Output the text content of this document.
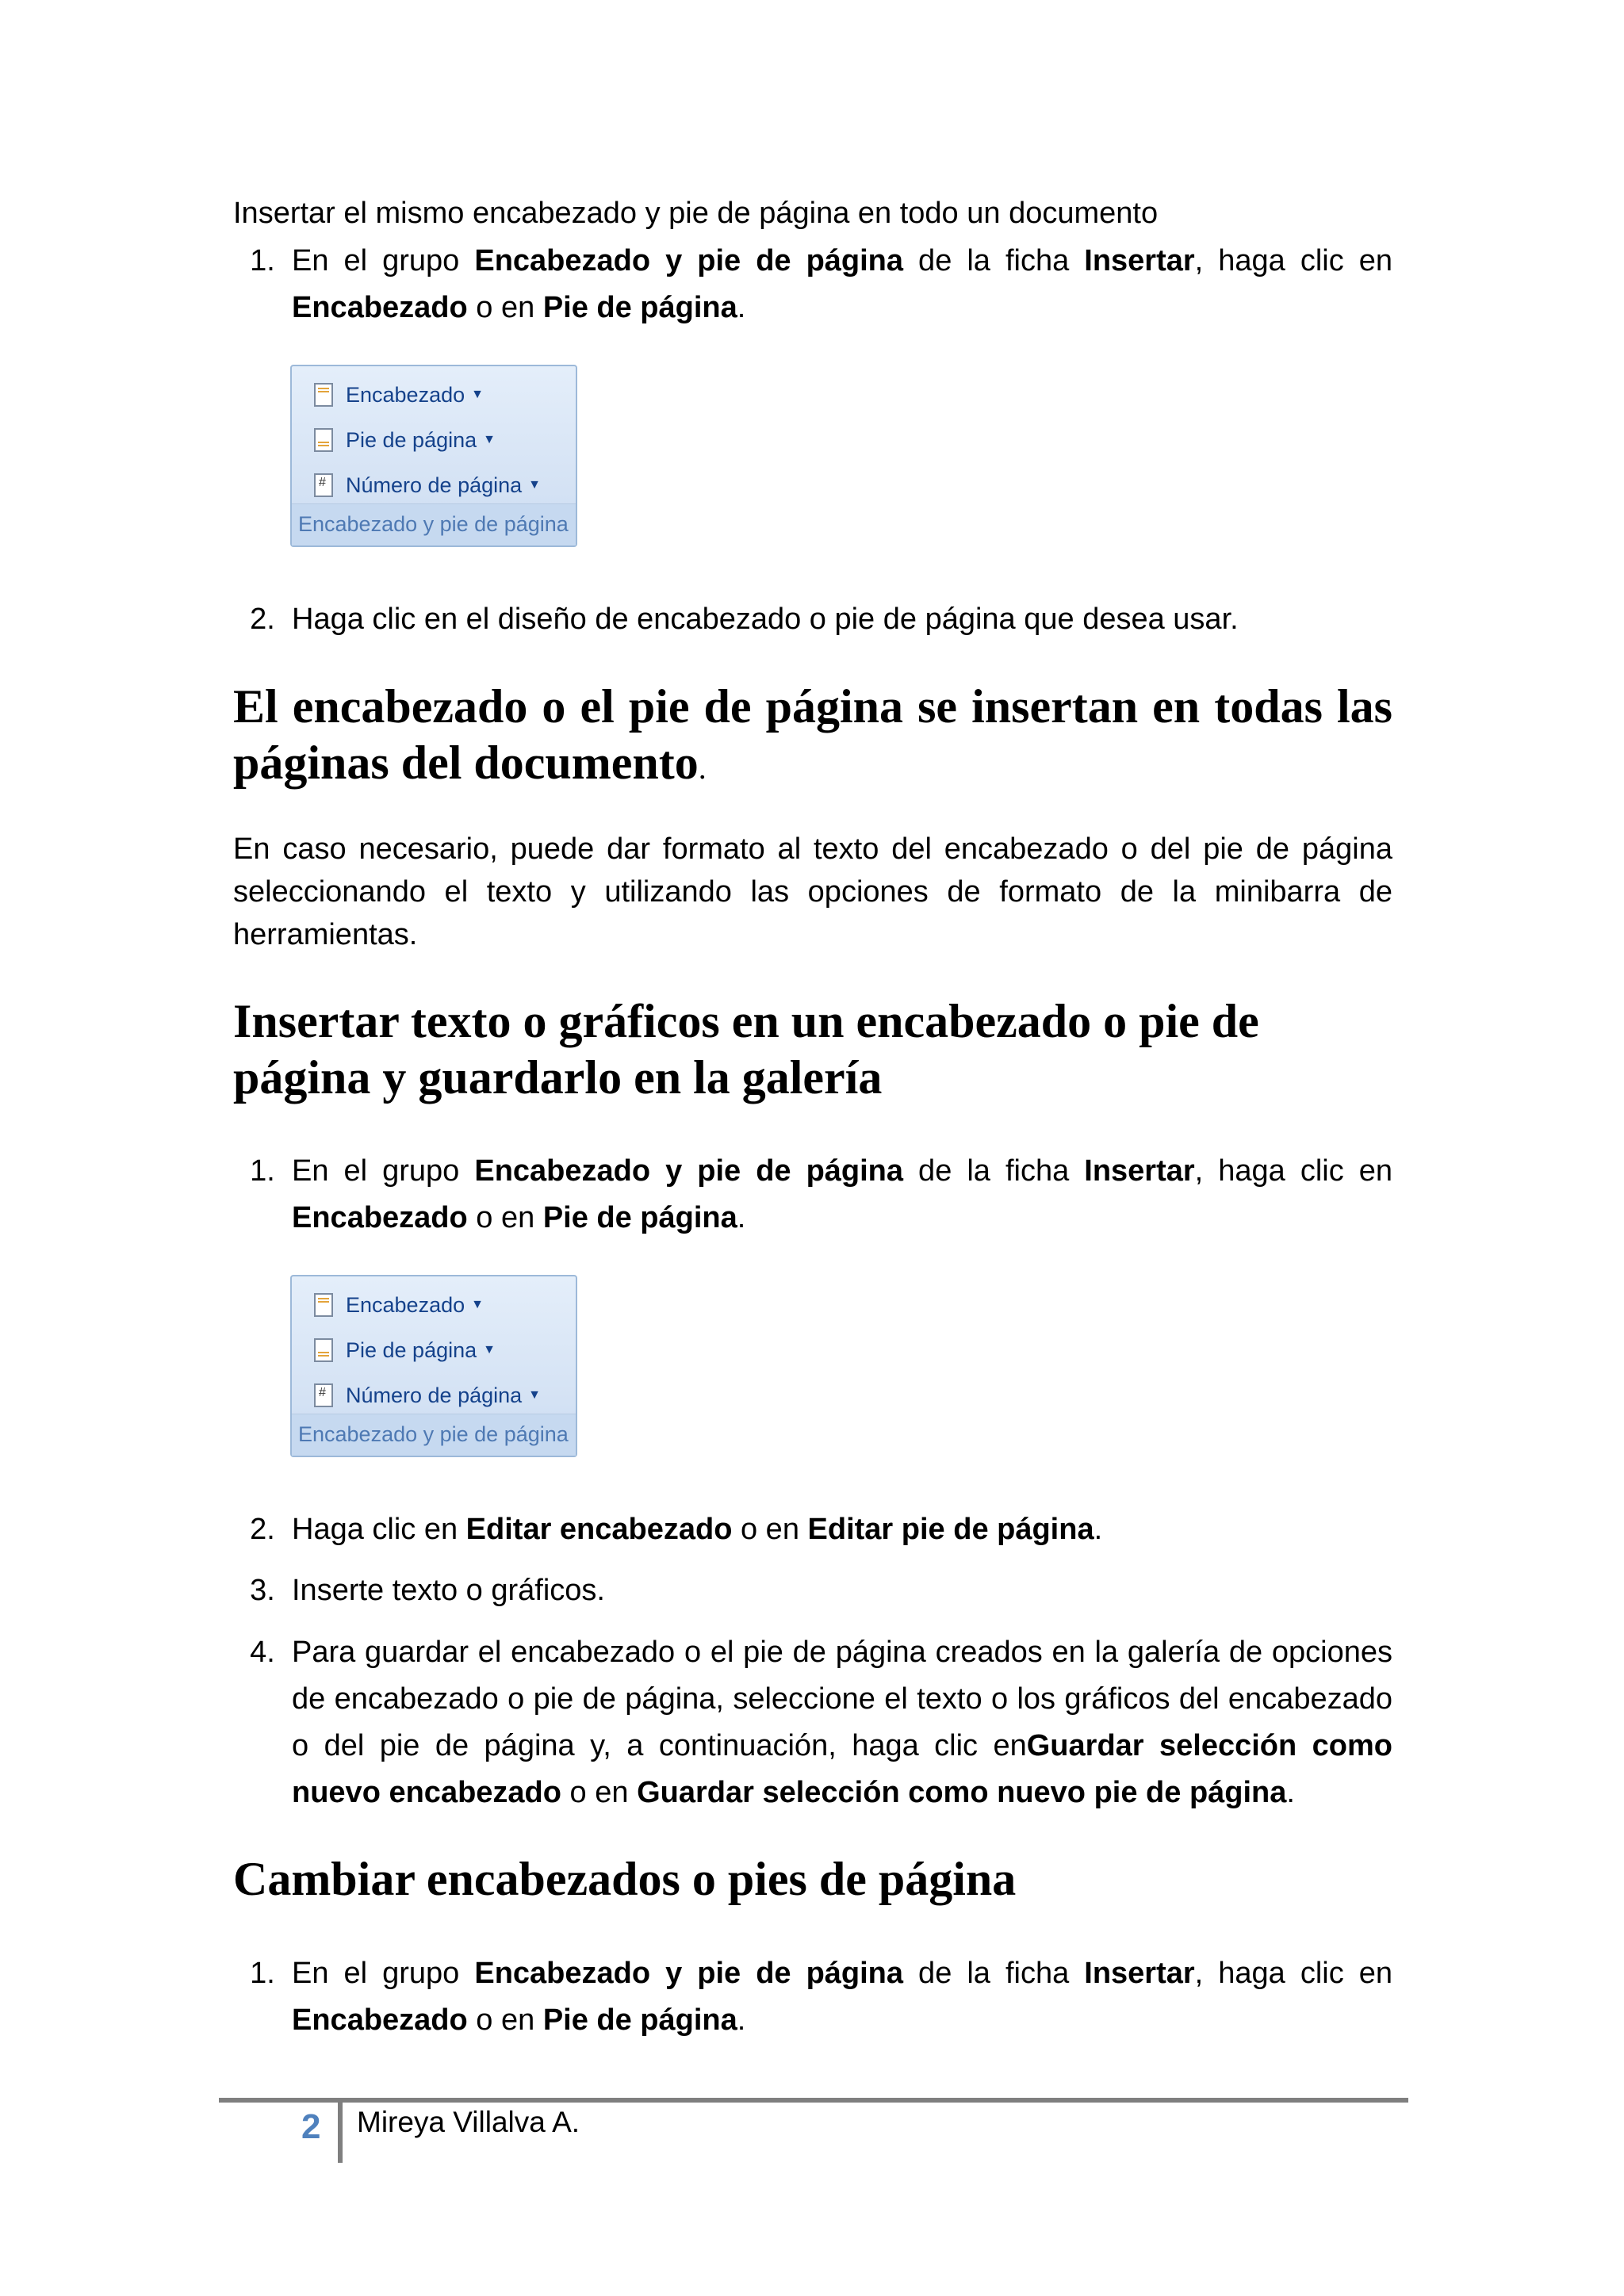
Insertar el mismo encabezado y pie de página en todo un documento

1. En el grupo Encabezado y pie de página de la ficha Insertar, haga clic en Encabezado o en Pie de página.
Encabezado ▼
Pie de página ▼
#
Número de página ▼
Encabezado y pie de página
2. Haga clic en el diseño de encabezado o pie de página que desea usar.
El encabezado o el pie de página se insertan en todas las páginas del documento.

En caso necesario, puede dar formato al texto del encabezado o del pie de página seleccionando el texto y utilizando las opciones de formato de la minibarra de herramientas.

Insertar texto o gráficos en un encabezado o pie de página y guardarlo en la galería
1. En el grupo Encabezado y pie de página de la ficha Insertar, haga clic en Encabezado o en Pie de página.
Encabezado ▼
Pie de página ▼
#
Número de página ▼
Encabezado y pie de página
2. Haga clic en Editar encabezado o en Editar pie de página.
3. Inserte texto o gráficos.
4. Para guardar el encabezado o el pie de página creados en la galería de opciones de encabezado o pie de página, seleccione el texto o los gráficos del encabezado o del pie de página y, a continuación, haga clic enGuardar selección como nuevo encabezado o en Guardar selección como nuevo pie de página.
Cambiar encabezados o pies de página
1. En el grupo Encabezado y pie de página de la ficha Insertar, haga clic en Encabezado o en Pie de página.
2 Mireya Villalva A.
